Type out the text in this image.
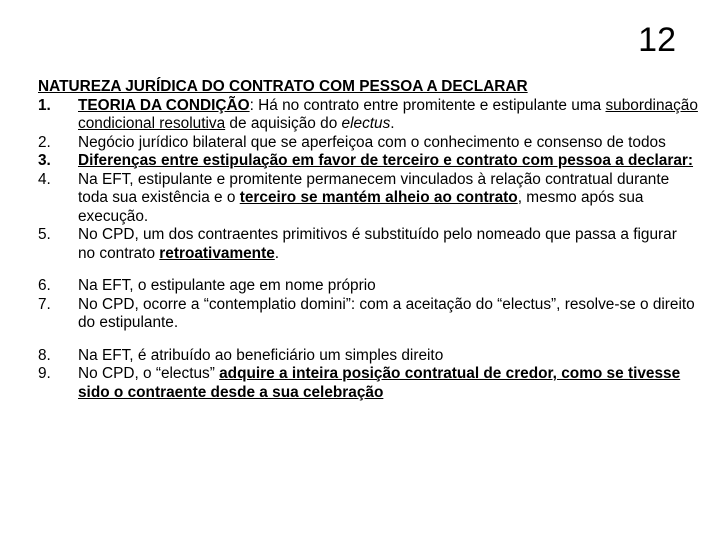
12

NATUREZA JURÍDICA DO CONTRATO COM PESSOA A DECLARAR

1.	TEORIA DA CONDIÇÃO: Há no contrato entre promitente e estipulante uma subordinação condicional resolutiva de aquisição do electus.
2.	Negócio jurídico bilateral que se aperfeiçoa com o conhecimento e consenso de todos
3.	Diferenças entre estipulação em favor de terceiro e contrato com pessoa a declarar:
4.	Na EFT, estipulante e promitente permanecem vinculados à relação contratual durante toda sua existência e o terceiro se mantém alheio ao contrato, mesmo após sua execução.
5.	No CPD, um dos contraentes primitivos é substituído pelo nomeado que passa a figurar no contrato retroativamente.
6.	Na EFT, o estipulante age em nome próprio
7.	No CPD, ocorre a “contemplatio domini”: com a aceitação do “electus”, resolve-se o direito do estipulante.
8.	Na EFT, é atribuído ao beneficiário um simples direito
9.	No CPD, o “electus” adquire a inteira posição contratual de credor, como se tivesse sido o contraente desde a sua celebração
